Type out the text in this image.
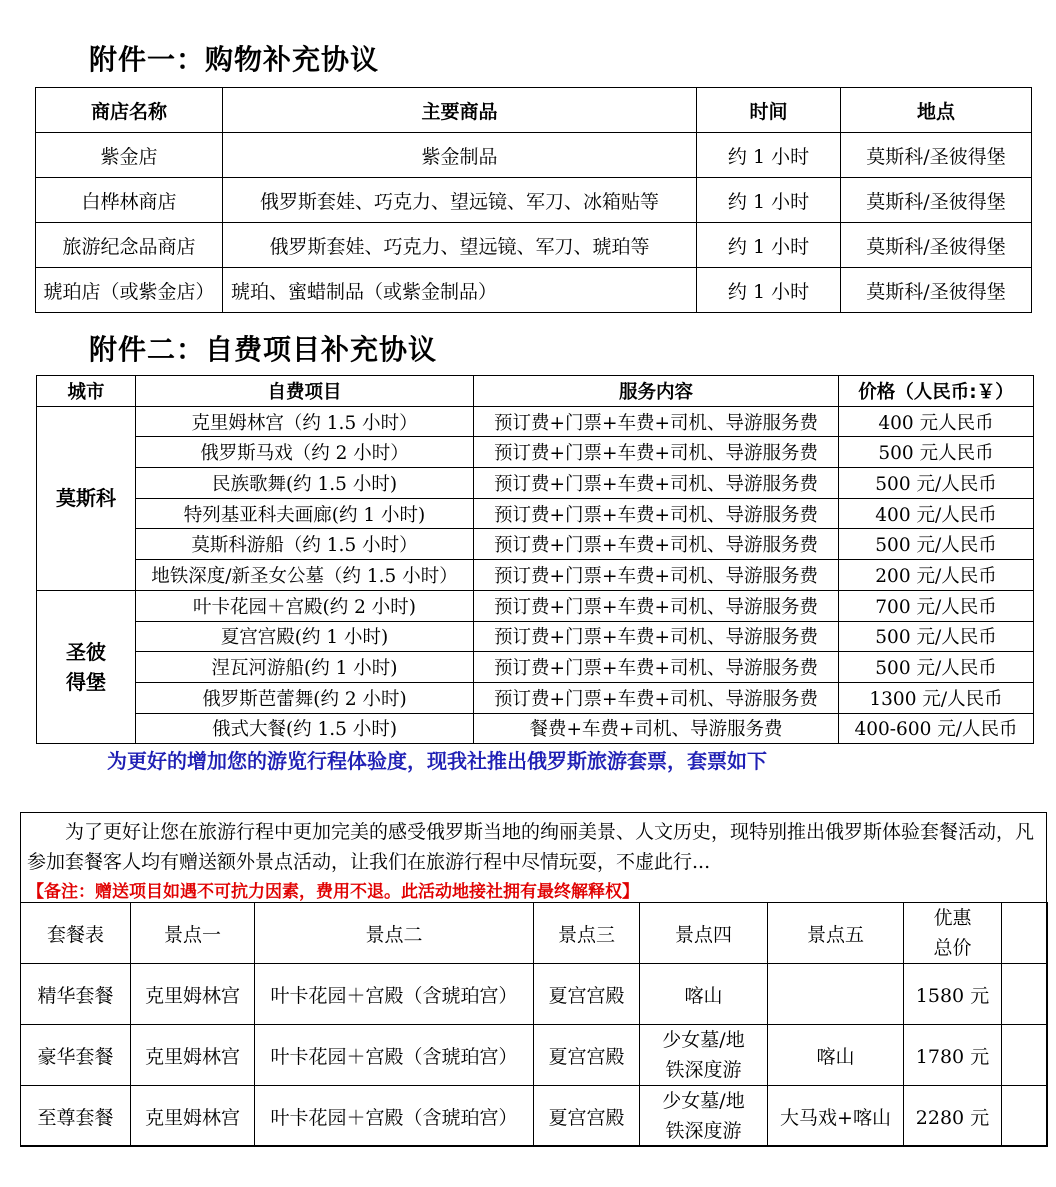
附件一：购物补充协议
商店名称	主要商品	时间	地点
紫金店	紫金制品	约 1 小时	莫斯科/圣彼得堡
白桦林商店	俄罗斯套娃、巧克力、望远镜、军刀、冰箱贴等	约 1 小时	莫斯科/圣彼得堡
旅游纪念品商店	俄罗斯套娃、巧克力、望远镜、军刀、琥珀等	约 1 小时	莫斯科/圣彼得堡
琥珀店（或紫金店）	琥珀、蜜蜡制品（或紫金制品）	约 1 小时	莫斯科/圣彼得堡
附件二：自费项目补充协议
城市	自费项目	服务内容	价格（人民币:￥）
莫斯科	克里姆林宫（约 1.5 小时）	预订费+门票+车费+司机、导游服务费	400 元人民币
	俄罗斯马戏（约 2 小时）	预订费+门票+车费+司机、导游服务费	500 元人民币
	民族歌舞(约 1.5 小时)	预订费+门票+车费+司机、导游服务费	500 元/人民币
	特列基亚科夫画廊(约 1 小时)	预订费+门票+车费+司机、导游服务费	400 元/人民币
	莫斯科游船（约 1.5 小时）	预订费+门票+车费+司机、导游服务费	500 元/人民币
	地铁深度/新圣女公墓（约 1.5 小时）	预订费+门票+车费+司机、导游服务费	200 元/人民币
圣彼
得堡	叶卡花园＋宫殿(约 2 小时)	预订费+门票+车费+司机、导游服务费	700 元/人民币
	夏宫宫殿(约 1 小时)	预订费+门票+车费+司机、导游服务费	500 元/人民币
	涅瓦河游船(约 1 小时)	预订费+门票+车费+司机、导游服务费	500 元/人民币
	俄罗斯芭蕾舞(约 2 小时)	预订费+门票+车费+司机、导游服务费	1300 元/人民币
	俄式大餐(约 1.5 小时)	餐费+车费+司机、导游服务费	400-600 元/人民币
为更好的增加您的游览行程体验度，现我社推出俄罗斯旅游套票，套票如下

为了更好让您在旅游行程中更加完美的感受俄罗斯当地的绚丽美景、人文历史，现特别推出俄罗斯体验套餐活动，凡参加套餐客人均有赠送额外景点活动，让我们在旅游行程中尽情玩耍，不虚此行...

【备注：赠送项目如遇不可抗力因素，费用不退。此活动地接社拥有最终解释权】
套餐表	景点一	景点二	景点三	景点四	景点五	优惠
总价	
精华套餐	克里姆林宫	叶卡花园＋宫殿（含琥珀宫）	夏宫宫殿	喀山		1580 元	
豪华套餐	克里姆林宫	叶卡花园＋宫殿（含琥珀宫）	夏宫宫殿	少女墓/地
铁深度游	喀山	1780 元	
至尊套餐	克里姆林宫	叶卡花园＋宫殿（含琥珀宫）	夏宫宫殿	少女墓/地
铁深度游	大马戏+喀山	2280 元	
